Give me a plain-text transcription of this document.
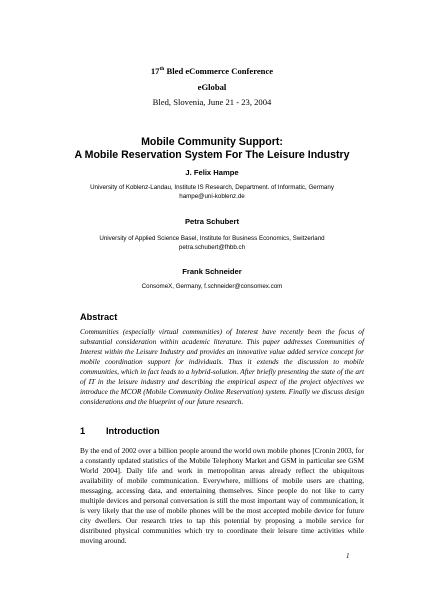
17th Bled eCommerce Conference
eGlobal
Bled, Slovenia, June 21 - 23, 2004
Mobile Community Support:
A Mobile Reservation System For The Leisure Industry
J. Felix Hampe
University of Koblenz-Landau, Institute IS Research, Department. of Informatic, Germany
hampe@uni-koblenz.de
Petra Schubert
University of Applied Science Basel, Institute for Business Economics, Switzerland
petra.schubert@fhbb.ch
Frank Schneider
ConsomeX, Germany, f.schneider@consomex.com
Abstract
Communities (especially virtual communities) of Interest have recently been the focus of substantial consideration within academic literature. This paper addresses Communities of Interest within the Leisure Industry and provides an innovative value added service concept for mobile coordination support for individuals. Thus it extends the discussion to mobile communities, which in fact leads to a hybrid-solution. After briefly presenting the state of the art of IT in the leisure industry and describing the empirical aspect of the project objectives we introduce the MCOR (Mobile Community Online Reservation) system. Finally we discuss design considerations and the blueprint of our future research.
1 Introduction
By the end of 2002 over a billion people around the world own mobile phones [Cronin 2003, for a constantly updated statistics of the Mobile Telephony Market and GSM in particular see GSM World 2004]. Daily life and work in metropolitan areas already reflect the ubiquitous availability of mobile communication. Everywhere, millions of mobile users are chatting, messaging, accessing data, and entertaining themselves. Since people do not like to carry multiple devices and personal conversation is still the most important way of communication, it is very likely that the use of mobile phones will be the most accepted mobile device for future city dwellers. Our research tries to tap this potential by proposing a mobile service for distributed physical communities which try to coordinate their leisure time activities while moving around.
1
